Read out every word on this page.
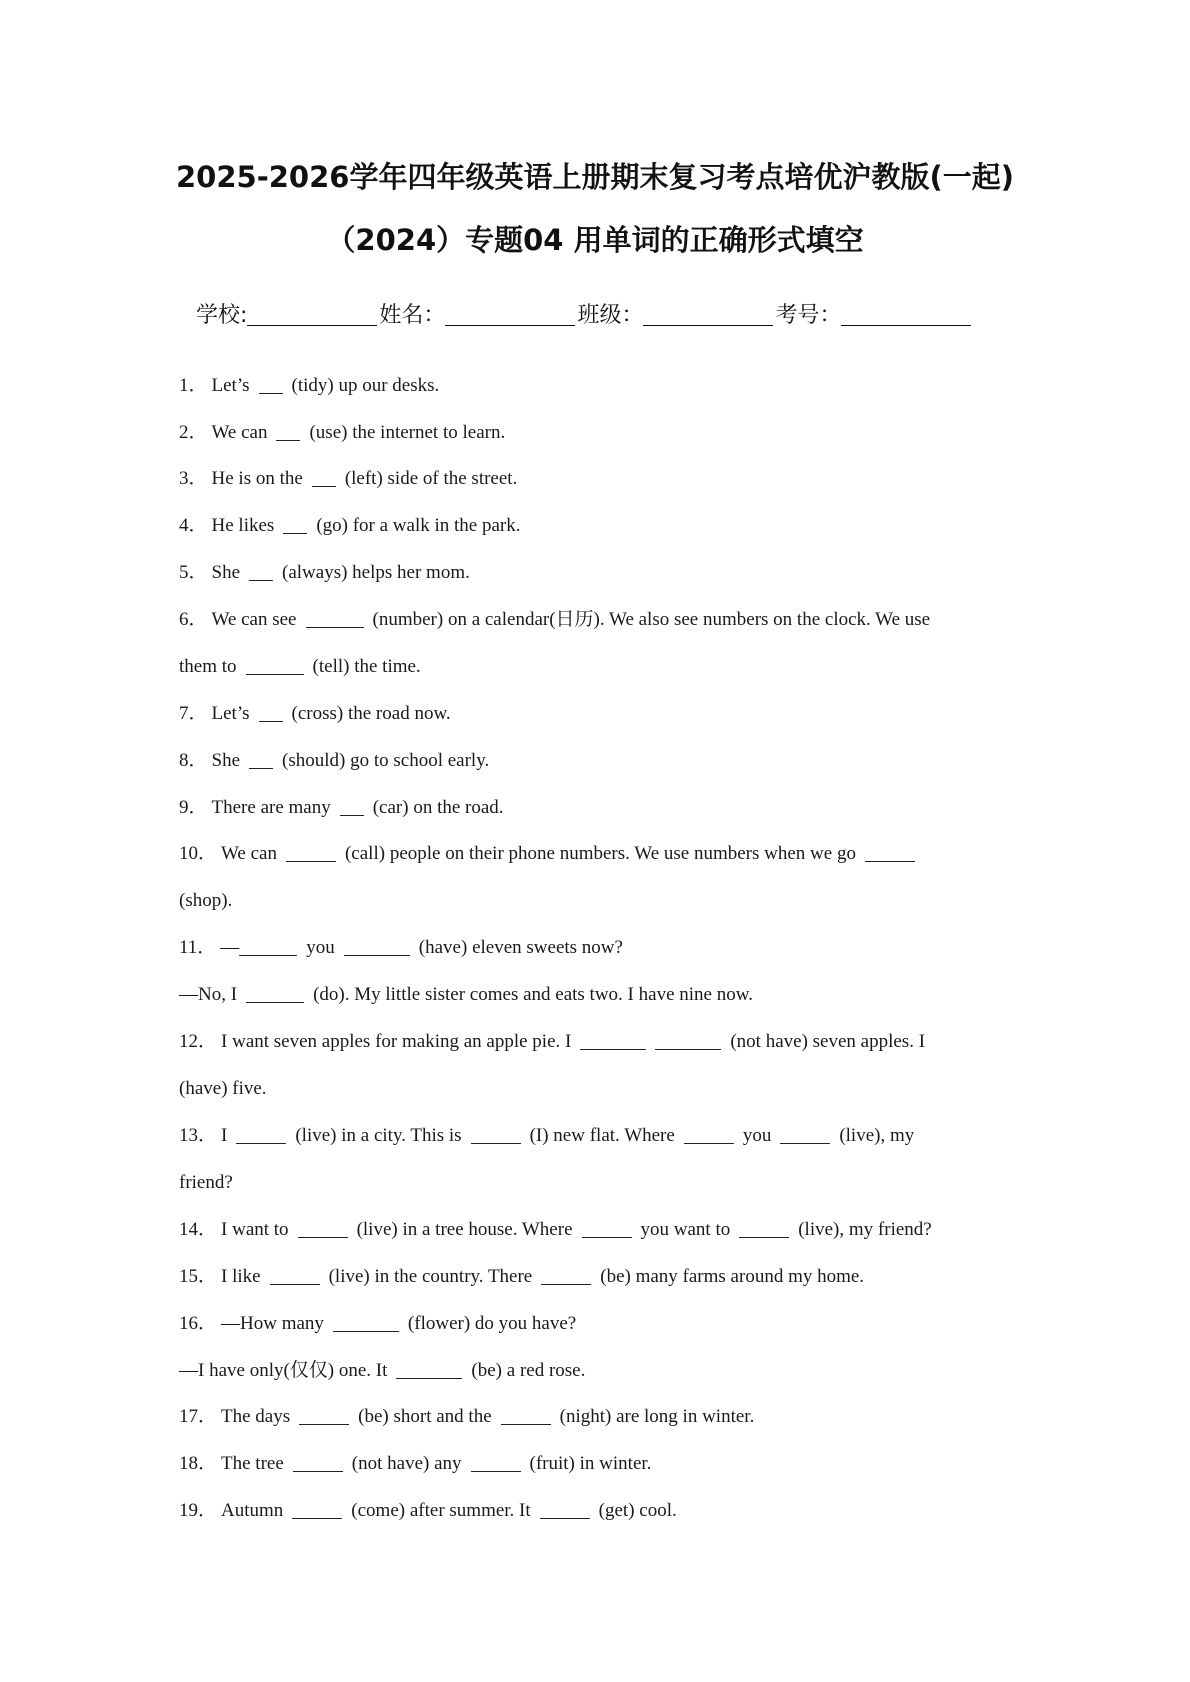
2025-2026学年四年级英语上册期末复习考点培优沪教版(一起)
（2024）专题04 用单词的正确形式填空
学校:	姓名：	班级：	考号：
1． Let’s (tidy) up our desks.
2． We can (use) the internet to learn.
3． He is on the (left) side of the street.
4． He likes (go) for a walk in the park.
5． She (always) helps her mom.
6． We can see	(number) on a calendar(日历). We also see numbers on the clock. We use
them to	(tell) the time.
7． Let’s (cross) the road now.
8． She (should) go to school early.
9． There are many (car) on the road.
10． We can	(call) people on their phone numbers. We use numbers when we go
(shop).
11． —	you	(have) eleven sweets now?
—No, I	(do). My little sister comes and eats two. I have nine now.
12． I want seven apples for making an apple pie. I	(not have) seven apples. I
(have) five.
13． I	(live) in a city. This is	(I) new flat. Where	you	(live), my
friend?
14． I want to	(live) in a tree house. Where	you want to	(live), my friend?
15． I like	(live) in the country. There	(be) many farms around my home.
16． —How many	(flower) do you have?
—I have only(仅仅) one. It	(be) a red rose.
17． The days	(be) short and the	(night) are long in winter.
18． The tree	(not have) any	(fruit) in winter.
19． Autumn	(come) after summer. It	(get) cool.
